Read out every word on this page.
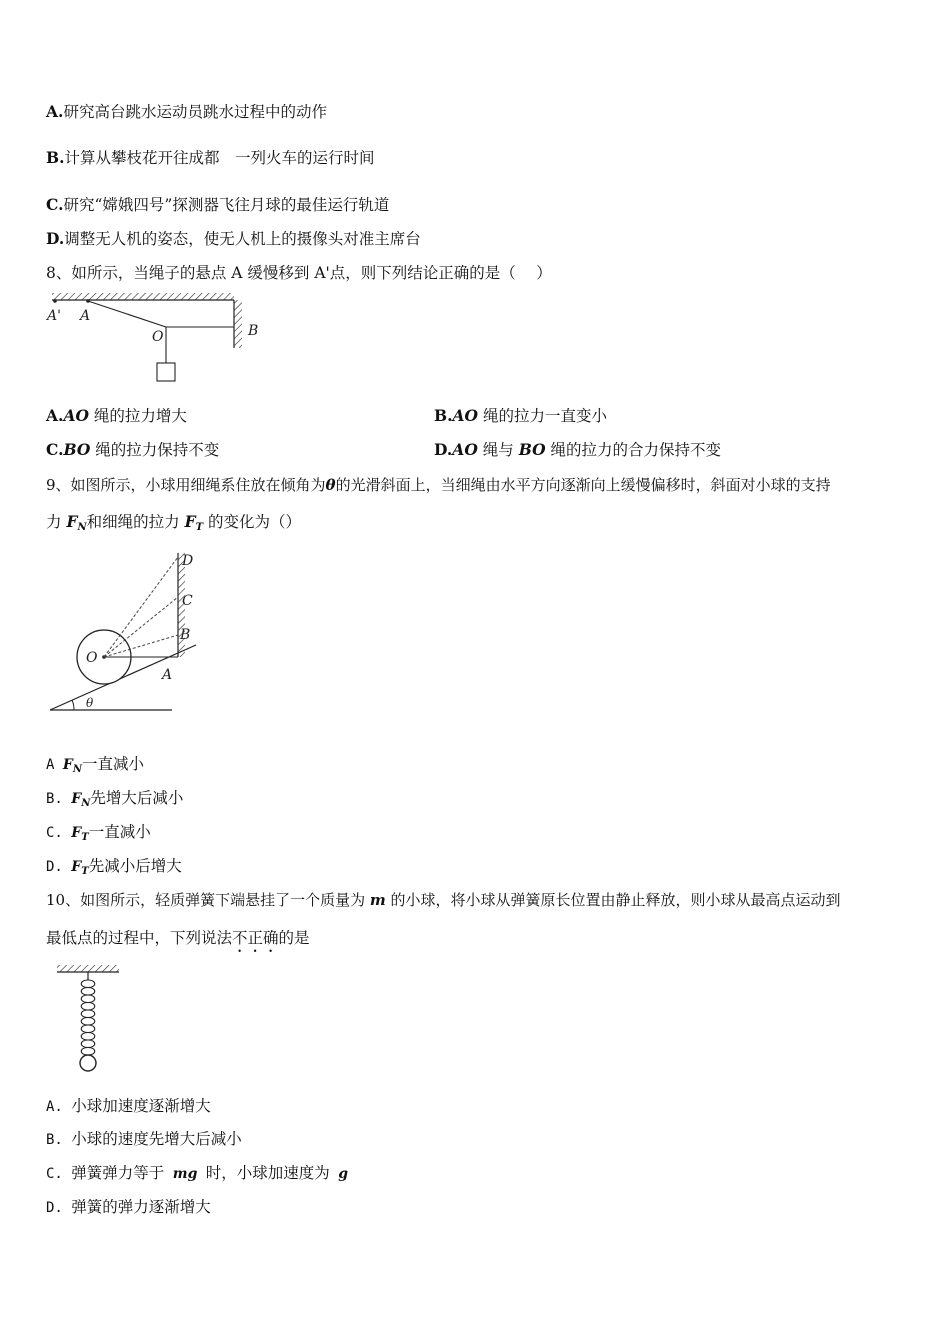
A.研究高台跳水运动员跳水过程中的动作
B.计算从攀枝花开往成都　一列火车的运行时间
C.研究“嫦娥四号”探测器飞往月球的最佳运行轨道
D.调整无人机的姿态，使无人机上的摄像头对准主席台
8、如所示，当绳子的悬点 A 缓慢移到 A'点，则下列结论正确的是（　 ）
A' A
O	B
A.AO 绳的拉力增大	B.AO 绳的拉力一直变小
C.BO 绳的拉力保持不变	D.AO 绳与 BO 绳的拉力的合力保持不变
9、如图所示，小球用细绳系住放在倾角为θ的光滑斜面上，当细绳由水平方向逐渐向上缓慢偏移时，斜面对小球的支持
力 $F_N$和细绳的拉力 $F_T$ 的变化为（）
D
C
B
A
O
θ
A $F_N$一直减小
B. $F_N$先增大后减小
C. $F_T$一直减小
D. $F_T$先减小后增大
10、如图所示，轻质弹簧下端悬挂了一个质量为 m 的小球，将小球从弹簧原长位置由静止释放，则小球从最高点运动到
最低点的过程中，下列说法不正确的是
A. 小球加速度逐渐增大
B. 小球的速度先增大后减小
C. 弹簧弹力等于 mg 时，小球加速度为 g
D. 弹簧的弹力逐渐增大
